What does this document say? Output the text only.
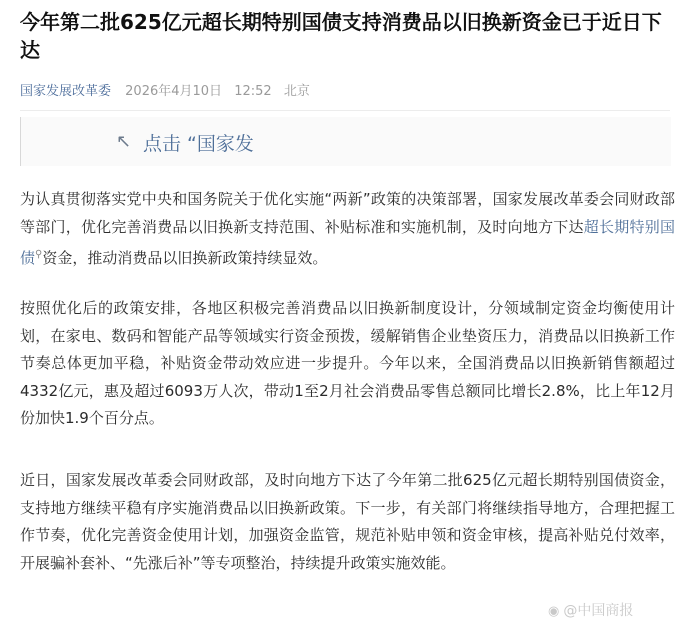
今年第二批625亿元超长期特别国债支持消费品以旧换新资金已于近日下达
国家发展改革委 2026年4月10日 12:52 北京
↖ 点击 “国家发
为认真贯彻落实党中央和国务院关于优化实施“两新”政策的决策部署，国家发展改革委会同财政部等部门，优化完善消费品以旧换新支持范围、补贴标准和实施机制，及时向地方下达超长期特别国债⚲资金，推动消费品以旧换新政策持续显效。
按照优化后的政策安排，各地区积极完善消费品以旧换新制度设计，分领域制定资金均衡使用计划，在家电、数码和智能产品等领域实行资金预拨，缓解销售企业垫资压力，消费品以旧换新工作节奏总体更加平稳，补贴资金带动效应进一步提升。今年以来，全国消费品以旧换新销售额超过4332亿元，惠及超过6093万人次，带动1至2月社会消费品零售总额同比增长2.8%，比上年12月份加快1.9个百分点。
近日，国家发展改革委会同财政部，及时向地方下达了今年第二批625亿元超长期特别国债资金，支持地方继续平稳有序实施消费品以旧换新政策。下一步，有关部门将继续指导地方，合理把握工作节奏，优化完善资金使用计划，加强资金监管，规范补贴申领和资金审核，提高补贴兑付效率，开展骗补套补、“先涨后补”等专项整治，持续提升政策实施效能。
◉ @中国商报
